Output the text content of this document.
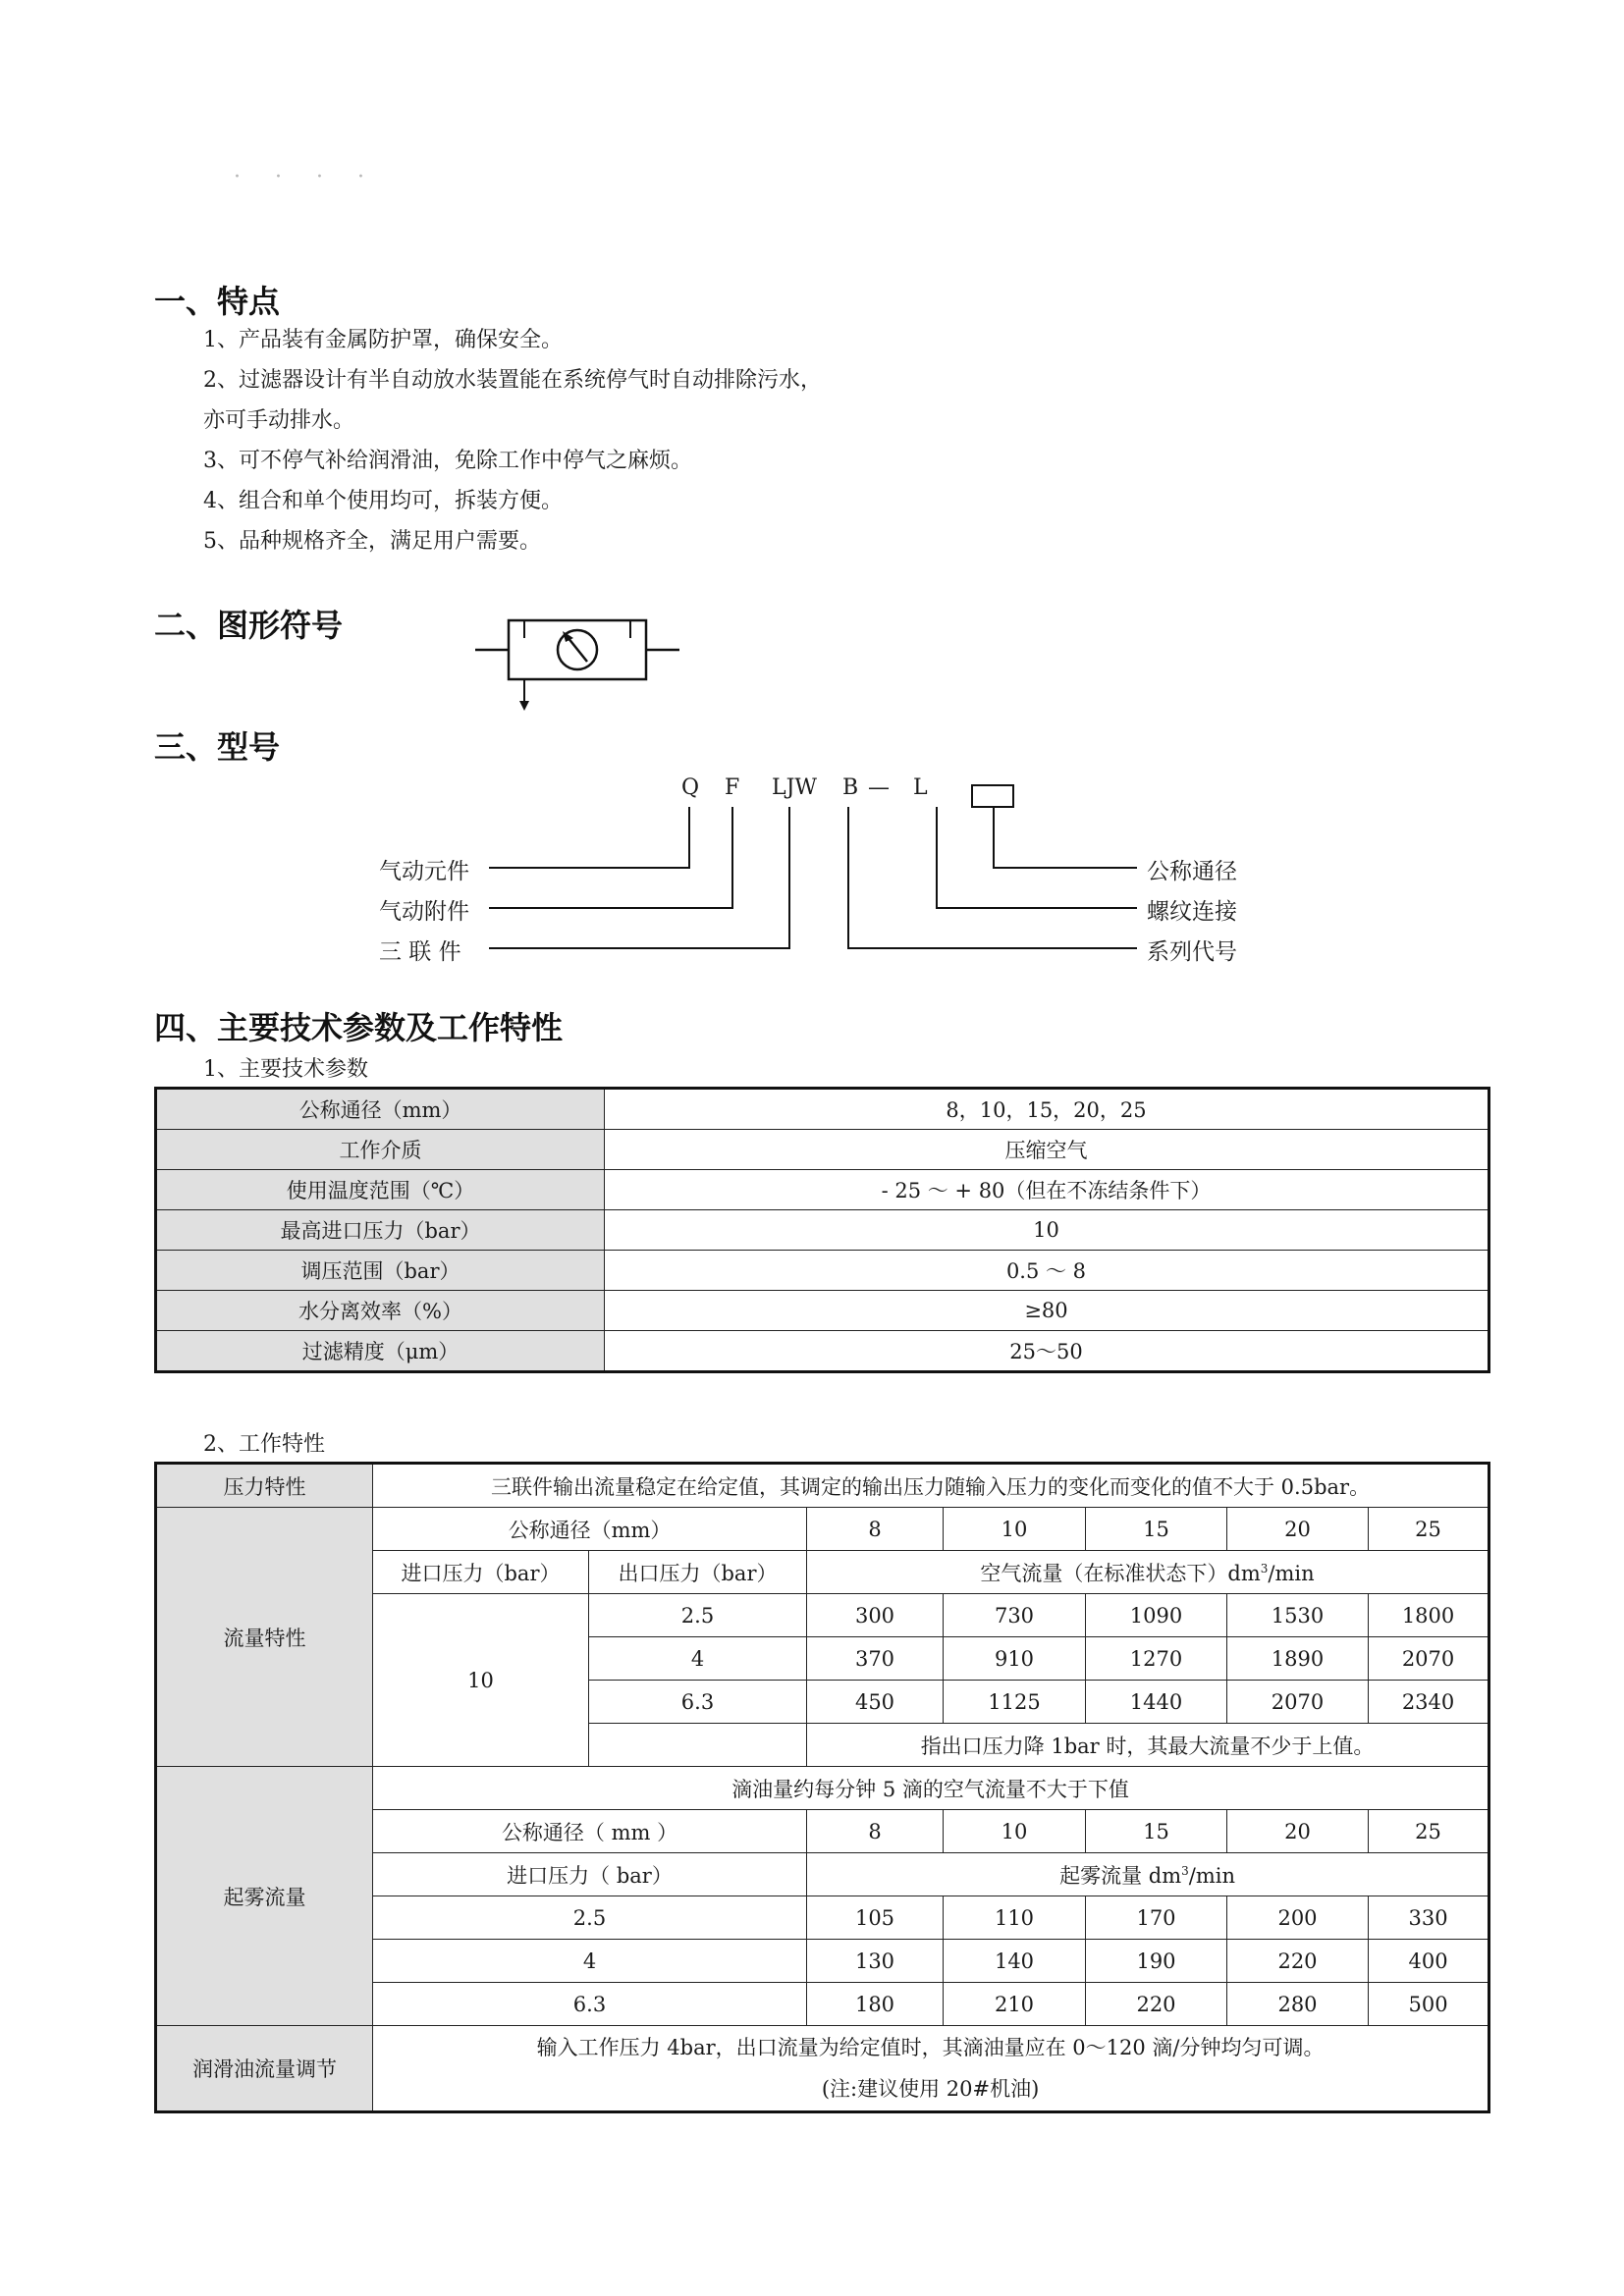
· · · ·
一、特点
1、产品装有金属防护罩，确保安全。
2、过滤器设计有半自动放水装置能在系统停气时自动排除污水，
亦可手动排水。
3、可不停气补给润滑油，免除工作中停气之麻烦。
4、组合和单个使用均可，拆装方便。
5、品种规格齐全，满足用户需要。
二、图形符号
三、型号
Q F LJW B — L
气动元件
气动附件
三 联 件
公称通径
螺纹连接
系列代号
四、主要技术参数及工作特性
1、主要技术参数
公称通径（mm）	8，10，15，20，25
工作介质	压缩空气
使用温度范围（℃）	- 25 ～ + 80（但在不冻结条件下）
最高进口压力（bar）	10
调压范围（bar）	0.5 ～ 8
水分离效率（%）	≥80
过滤精度（μm）	25～50
2、工作特性
压力特性	三联件输出流量稳定在给定值，其调定的输出压力随输入压力的变化而变化的值不大于 0.5bar。						
流量特性	公称通径（mm）		8	10	15	20	25
	进口压力（bar）	出口压力（bar）	空气流量（在标准状态下）$dm^3/\min$				
	10	2.5	300	730	1090	1530	1800
		4	370	910	1270	1890	2070
		6.3	450	1125	1440	2070	2340
			指出口压力降 1bar 时，其最大流量不少于上值。				
起雾流量	滴油量约每分钟 5 滴的空气流量不大于下值						
	公称通径（ mm ）		8	10	15	20	25
	进口压力（ bar）		起雾流量 $dm^3/\min$				
	2.5		105	110	170	200	330
	4		130	140	190	220	400
	6.3		180	210	220	280	500
润滑油流量调节	输入工作压力 4bar，出口流量为给定值时，其滴油量应在 0～120 滴/分钟均匀可调。
(注:建议使用 20#机油)						
